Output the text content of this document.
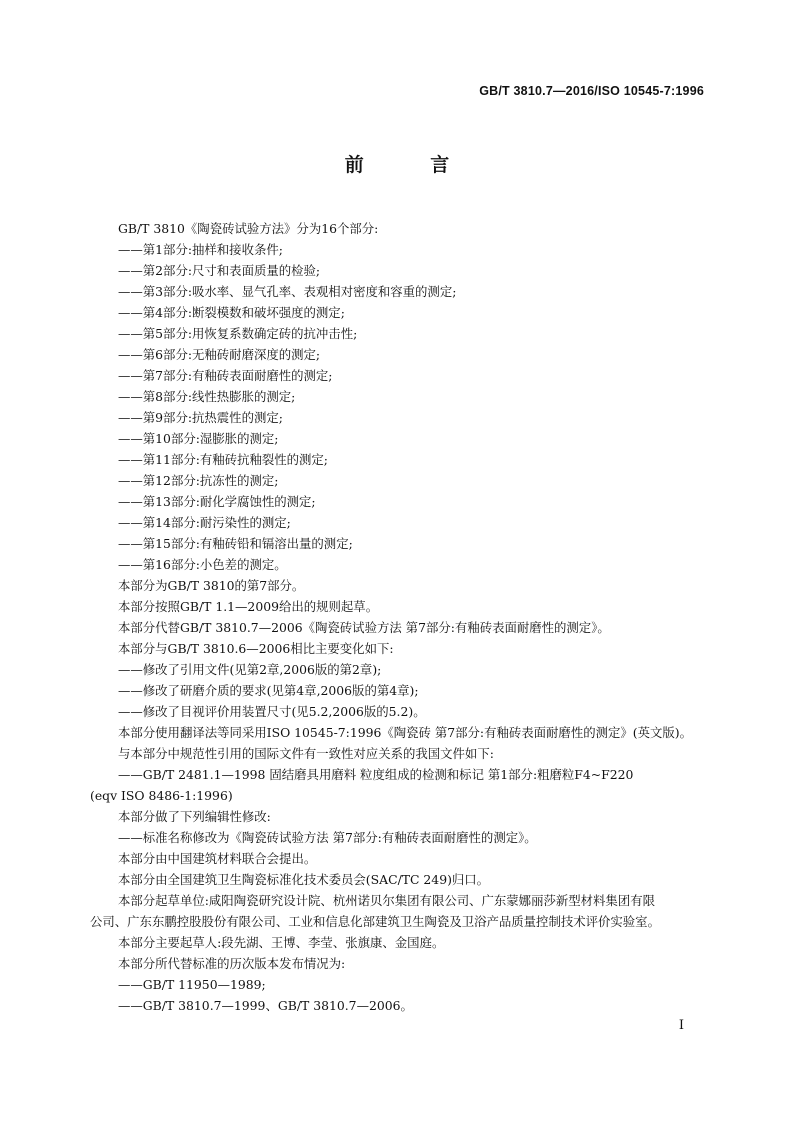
GB/T 3810.7—2016/ISO 10545-7:1996
前 言
GB/T 3810《陶瓷砖试验方法》分为16个部分:
——第1部分:抽样和接收条件;
——第2部分:尺寸和表面质量的检验;
——第3部分:吸水率、显气孔率、表观相对密度和容重的测定;
——第4部分:断裂模数和破坏强度的测定;
——第5部分:用恢复系数确定砖的抗冲击性;
——第6部分:无釉砖耐磨深度的测定;
——第7部分:有釉砖表面耐磨性的测定;
——第8部分:线性热膨胀的测定;
——第9部分:抗热震性的测定;
——第10部分:湿膨胀的测定;
——第11部分:有釉砖抗釉裂性的测定;
——第12部分:抗冻性的测定;
——第13部分:耐化学腐蚀性的测定;
——第14部分:耐污染性的测定;
——第15部分:有釉砖铅和镉溶出量的测定;
——第16部分:小色差的测定。
本部分为GB/T 3810的第7部分。
本部分按照GB/T 1.1—2009给出的规则起草。
本部分代替GB/T 3810.7—2006《陶瓷砖试验方法 第7部分:有釉砖表面耐磨性的测定》。
本部分与GB/T 3810.6—2006相比主要变化如下:
——修改了引用文件(见第2章,2006版的第2章);
——修改了研磨介质的要求(见第4章,2006版的第4章);
——修改了目视评价用装置尺寸(见5.2,2006版的5.2)。
本部分使用翻译法等同采用ISO 10545-7:1996《陶瓷砖 第7部分:有釉砖表面耐磨性的测定》(英文版)。
与本部分中规范性引用的国际文件有一致性对应关系的我国文件如下:
——GB/T 2481.1—1998 固结磨具用磨料 粒度组成的检测和标记 第1部分:粗磨粒F4~F220
(eqv ISO 8486-1:1996)
本部分做了下列编辑性修改:
——标准名称修改为《陶瓷砖试验方法 第7部分:有釉砖表面耐磨性的测定》。
本部分由中国建筑材料联合会提出。
本部分由全国建筑卫生陶瓷标准化技术委员会(SAC/TC 249)归口。
本部分起草单位:咸阳陶瓷研究设计院、杭州诺贝尔集团有限公司、广东蒙娜丽莎新型材料集团有限
公司、广东东鹏控股股份有限公司、工业和信息化部建筑卫生陶瓷及卫浴产品质量控制技术评价实验室。
本部分主要起草人:段先湖、王博、李莹、张旗康、金国庭。
本部分所代替标准的历次版本发布情况为:
——GB/T 11950—1989;
——GB/T 3810.7—1999、GB/T 3810.7—2006。
I
